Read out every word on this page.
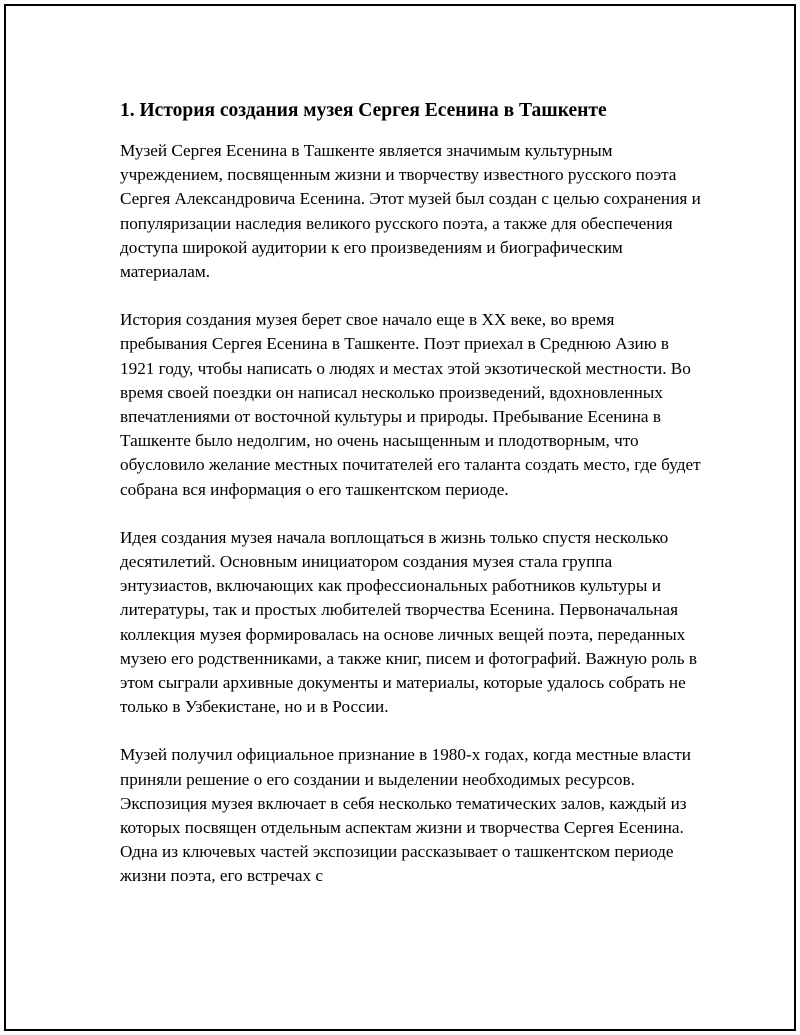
1. История создания музея Сергея Есенина в Ташкенте

Музей Сергея Есенина в Ташкенте является значимым культурным учреждением, посвященным жизни и творчеству известного русского поэта Сергея Александровича Есенина. Этот музей был создан с целью сохранения и популяризации наследия великого русского поэта, а также для обеспечения доступа широкой аудитории к его произведениям и биографическим материалам.

История создания музея берет свое начало еще в XX веке, во время пребывания Сергея Есенина в Ташкенте. Поэт приехал в Среднюю Азию в 1921 году, чтобы написать о людях и местах этой экзотической местности. Во время своей поездки он написал несколько произведений, вдохновленных впечатлениями от восточной культуры и природы. Пребывание Есенина в Ташкенте было недолгим, но очень насыщенным и плодотворным, что обусловило желание местных почитателей его таланта создать место, где будет собрана вся информация о его ташкентском периоде.

Идея создания музея начала воплощаться в жизнь только спустя несколько десятилетий. Основным инициатором создания музея стала группа энтузиастов, включающих как профессиональных работников культуры и литературы, так и простых любителей творчества Есенина. Первоначальная коллекция музея формировалась на основе личных вещей поэта, переданных музею его родственниками, а также книг, писем и фотографий. Важную роль в этом сыграли архивные документы и материалы, которые удалось собрать не только в Узбекистане, но и в России.

Музей получил официальное признание в 1980-х годах, когда местные власти приняли решение о его создании и выделении необходимых ресурсов. Экспозиция музея включает в себя несколько тематических залов, каждый из которых посвящен отдельным аспектам жизни и творчества Сергея Есенина. Одна из ключевых частей экспозиции рассказывает о ташкентском периоде жизни поэта, его встречах с
